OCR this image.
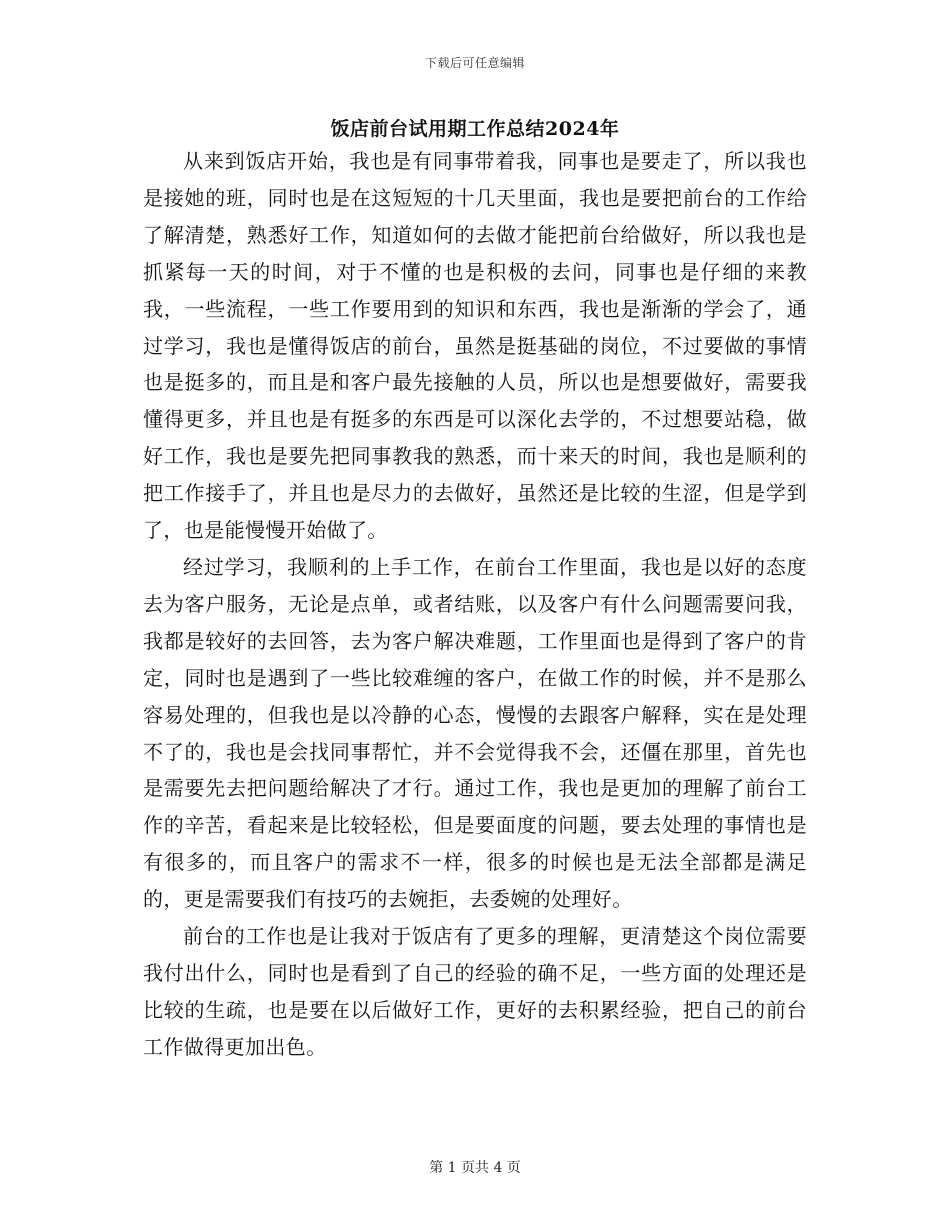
下载后可任意编辑
饭店前台试用期工作总结2024年

从来到饭店开始，我也是有同事带着我，同事也是要走了，所以我也是接她的班，同时也是在这短短的十几天里面，我也是要把前台的工作给了解清楚，熟悉好工作，知道如何的去做才能把前台给做好，所以我也是抓紧每一天的时间，对于不懂的也是积极的去问，同事也是仔细的来教我，一些流程，一些工作要用到的知识和东西，我也是渐渐的学会了，通过学习，我也是懂得饭店的前台，虽然是挺基础的岗位，不过要做的事情也是挺多的，而且是和客户最先接触的人员，所以也是想要做好，需要我懂得更多，并且也是有挺多的东西是可以深化去学的，不过想要站稳，做好工作，我也是要先把同事教我的熟悉，而十来天的时间，我也是顺利的把工作接手了，并且也是尽力的去做好，虽然还是比较的生涩，但是学到了，也是能慢慢开始做了。

经过学习，我顺利的上手工作，在前台工作里面，我也是以好的态度去为客户服务，无论是点单，或者结账，以及客户有什么问题需要问我，我都是较好的去回答，去为客户解决难题，工作里面也是得到了客户的肯定，同时也是遇到了一些比较难缠的客户，在做工作的时候，并不是那么容易处理的，但我也是以冷静的心态，慢慢的去跟客户解释，实在是处理不了的，我也是会找同事帮忙，并不会觉得我不会，还僵在那里，首先也是需要先去把问题给解决了才行。通过工作，我也是更加的理解了前台工作的辛苦，看起来是比较轻松，但是要面度的问题，要去处理的事情也是有很多的，而且客户的需求不一样，很多的时候也是无法全部都是满足的，更是需要我们有技巧的去婉拒，去委婉的处理好。

前台的工作也是让我对于饭店有了更多的理解，更清楚这个岗位需要我付出什么，同时也是看到了自己的经验的确不足，一些方面的处理还是比较的生疏，也是要在以后做好工作，更好的去积累经验，把自己的前台工作做得更加出色。

第 1 页共 4 页
